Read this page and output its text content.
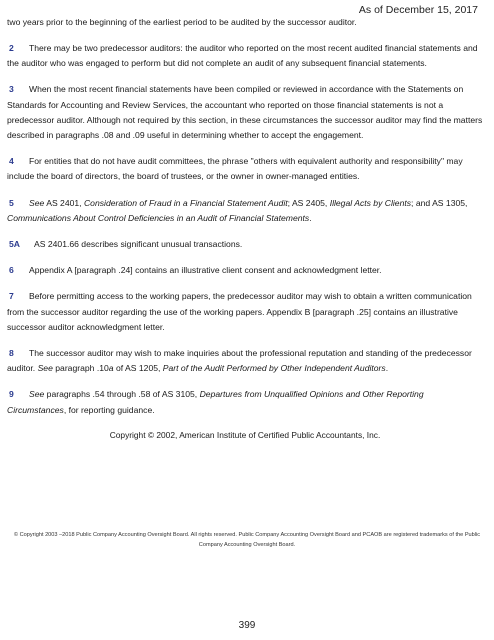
As of December 15, 2017

two years prior to the beginning of the earliest period to be audited by the successor auditor.

2 There may be two predecessor auditors: the auditor who reported on the most recent audited financial statements and the auditor who was engaged to perform but did not complete an audit of any subsequent financial statements.

3 When the most recent financial statements have been compiled or reviewed in accordance with the Statements on Standards for Accounting and Review Services, the accountant who reported on those financial statements is not a predecessor auditor. Although not required by this section, in these circumstances the successor auditor may find the matters described in paragraphs .08 and .09 useful in determining whether to accept the engagement.

4 For entities that do not have audit committees, the phrase "others with equivalent authority and responsibility" may include the board of directors, the board of trustees, or the owner in owner-managed entities.

5 See AS 2401, Consideration of Fraud in a Financial Statement Audit; AS 2405, Illegal Acts by Clients; and AS 1305, Communications About Control Deficiencies in an Audit of Financial Statements.

5A AS 2401.66 describes significant unusual transactions.

6 Appendix A [paragraph .24] contains an illustrative client consent and acknowledgment letter.

7 Before permitting access to the working papers, the predecessor auditor may wish to obtain a written communication from the successor auditor regarding the use of the working papers. Appendix B [paragraph .25] contains an illustrative successor auditor acknowledgment letter.

8 The successor auditor may wish to make inquiries about the professional reputation and standing of the predecessor auditor. See paragraph .10a of AS 1205, Part of the Audit Performed by Other Independent Auditors.

9 See paragraphs .54 through .58 of AS 3105, Departures from Unqualified Opinions and Other Reporting Circumstances, for reporting guidance.

Copyright © 2002, American Institute of Certified Public Accountants, Inc.
© Copyright 2003 –2018 Public Company Accounting Oversight Board. All rights reserved. Public Company Accounting Oversight Board and PCAOB are registered trademarks of the Public Company Accounting Oversight Board.
399
